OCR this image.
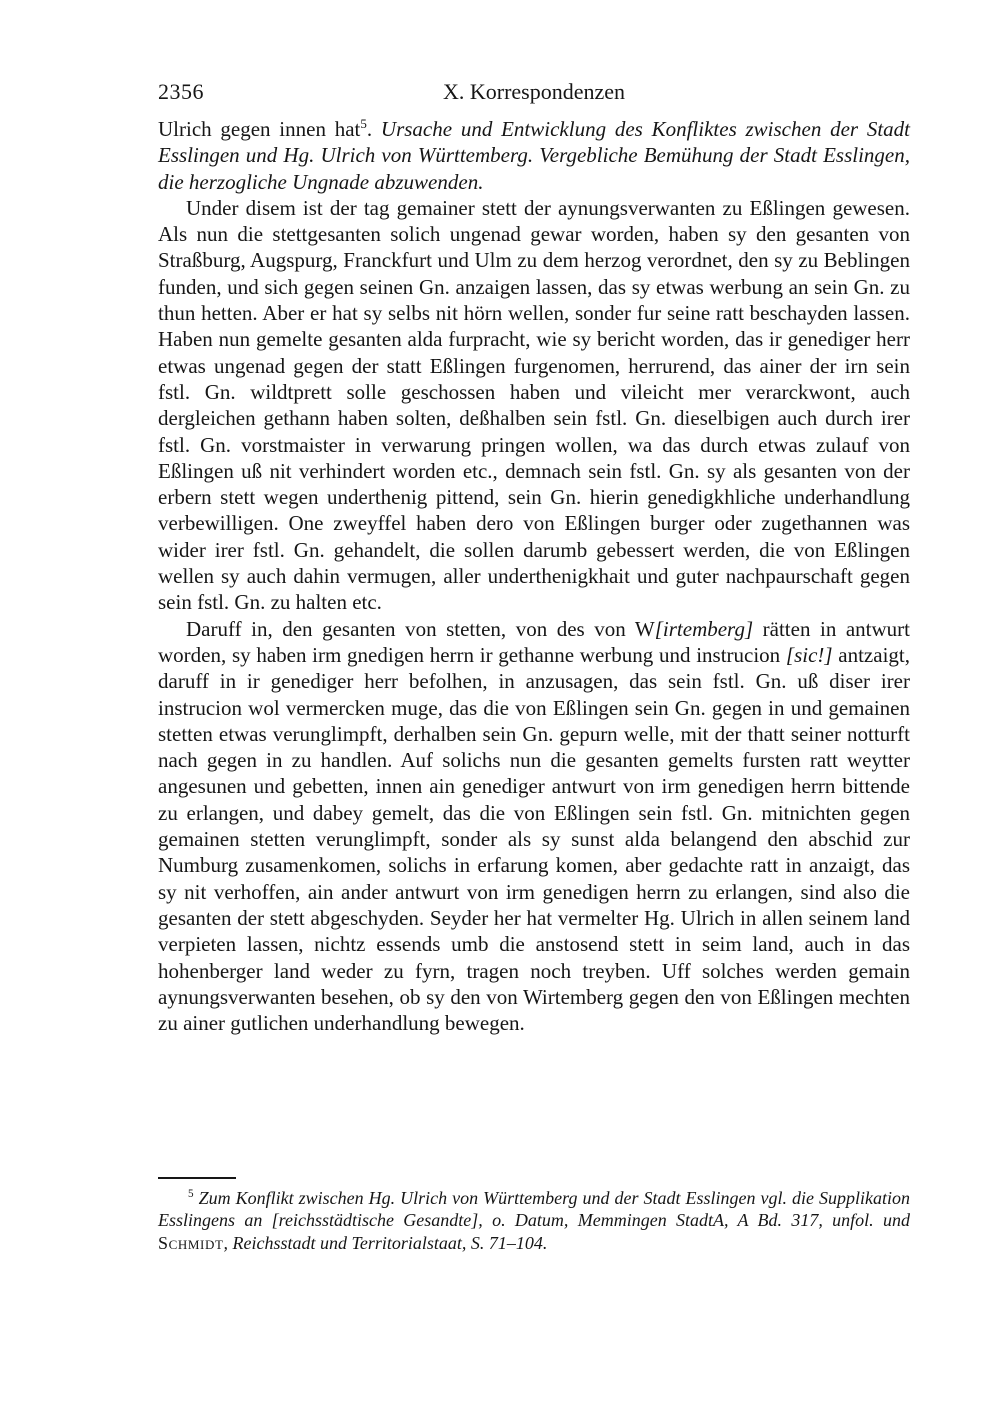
2356	X. Korrespondenzen

Ulrich gegen innen hat$^5$. Ursache und Entwicklung des Konfliktes zwischen der Stadt Esslingen und Hg. Ulrich von Württemberg. Vergebliche Bemühung der Stadt Esslingen, die herzogliche Ungnade abzuwenden.

Under disem ist der tag gemainer stett der aynungsverwanten zu Eßlingen gewesen. Als nun die stettgesanten solich ungenad gewar worden, haben sy den gesanten von Straßburg, Augspurg, Franckfurt und Ulm zu dem herzog verordnet, den sy zu Beblingen funden, und sich gegen seinen Gn. anzaigen lassen, das sy etwas werbung an sein Gn. zu thun hetten. Aber er hat sy selbs nit hörn wellen, sonder fur seine ratt beschayden lassen. Haben nun gemelte gesanten alda furpracht, wie sy bericht worden, das ir genediger herr etwas ungenad gegen der statt Eßlingen furgenomen, herrurend, das ainer der irn sein fstl. Gn. wildtprett solle geschossen haben und vileicht mer verarckwont, auch dergleichen gethann haben solten, deßhalben sein fstl. Gn. dieselbigen auch durch irer fstl. Gn. vorstmaister in verwarung pringen wollen, wa das durch etwas zulauf von Eßlingen uß nit verhindert worden etc., demnach sein fstl. Gn. sy als gesanten von der erbern stett wegen underthenig pittend, sein Gn. hierin genedigkhliche underhandlung verbewilligen. One zweyffel haben dero von Eßlingen burger oder zugethannen was wider irer fstl. Gn. gehandelt, die sollen darumb gebessert werden, die von Eßlingen wellen sy auch dahin vermugen, aller underthenigkhait und guter nachpaurschaft gegen sein fstl. Gn. zu halten etc.

Daruff in, den gesanten von stetten, von des von W[irtemberg] rätten in antwurt worden, sy haben irm gnedigen herrn ir gethanne werbung und instrucion [sic!] antzaigt, daruff in ir genediger herr befolhen, in anzusagen, das sein fstl. Gn. uß diser irer instrucion wol vermercken muge, das die von Eßlingen sein Gn. gegen in und gemainen stetten etwas verunglimpft, derhalben sein Gn. gepurn welle, mit der thatt seiner notturft nach gegen in zu handlen. Auf solichs nun die gesanten gemelts fursten ratt weytter angesunen und gebetten, innen ain genediger antwurt von irm genedigen herrn bittende zu erlangen, und dabey gemelt, das die von Eßlingen sein fstl. Gn. mitnichten gegen gemainen stetten verunglimpft, sonder als sy sunst alda belangend den abschid zur Numburg zusamenkomen, solichs in erfarung komen, aber gedachte ratt in anzaigt, das sy nit verhoffen, ain ander antwurt von irm genedigen herrn zu erlangen, sind also die gesanten der stett abgeschyden. Seyder her hat vermelter Hg. Ulrich in allen seinem land verpieten lassen, nichtz essends umb die anstosend stett in seim land, auch in das hohenberger land weder zu fyrn, tragen noch treyben. Uff solches werden gemain aynungsverwanten besehen, ob sy den von Wirtemberg gegen den von Eßlingen mechten zu ainer gutlichen underhandlung bewegen.

$^5$ Zum Konflikt zwischen Hg. Ulrich von Württemberg und der Stadt Esslingen vgl. die Supplikation Esslingens an [reichsstädtische Gesandte], o. Datum, Memmingen StadtA, A Bd. 317, unfol. und Schmidt, Reichsstadt und Territorialstaat, S. 71–104.
